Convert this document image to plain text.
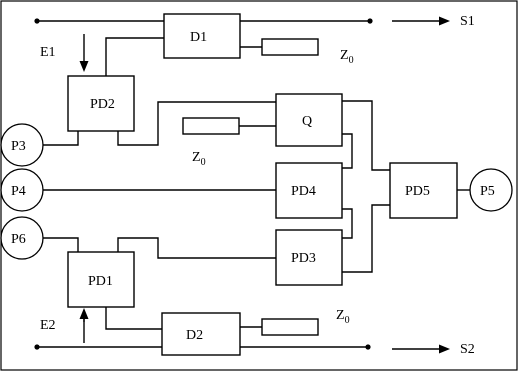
S1
S2
D1
$Z_0$
E1
PD2
Q
$Z_0$
PD4
PD3
PD5
PD1
E2
D2
$Z_0$
P3
P4
P6
P5
